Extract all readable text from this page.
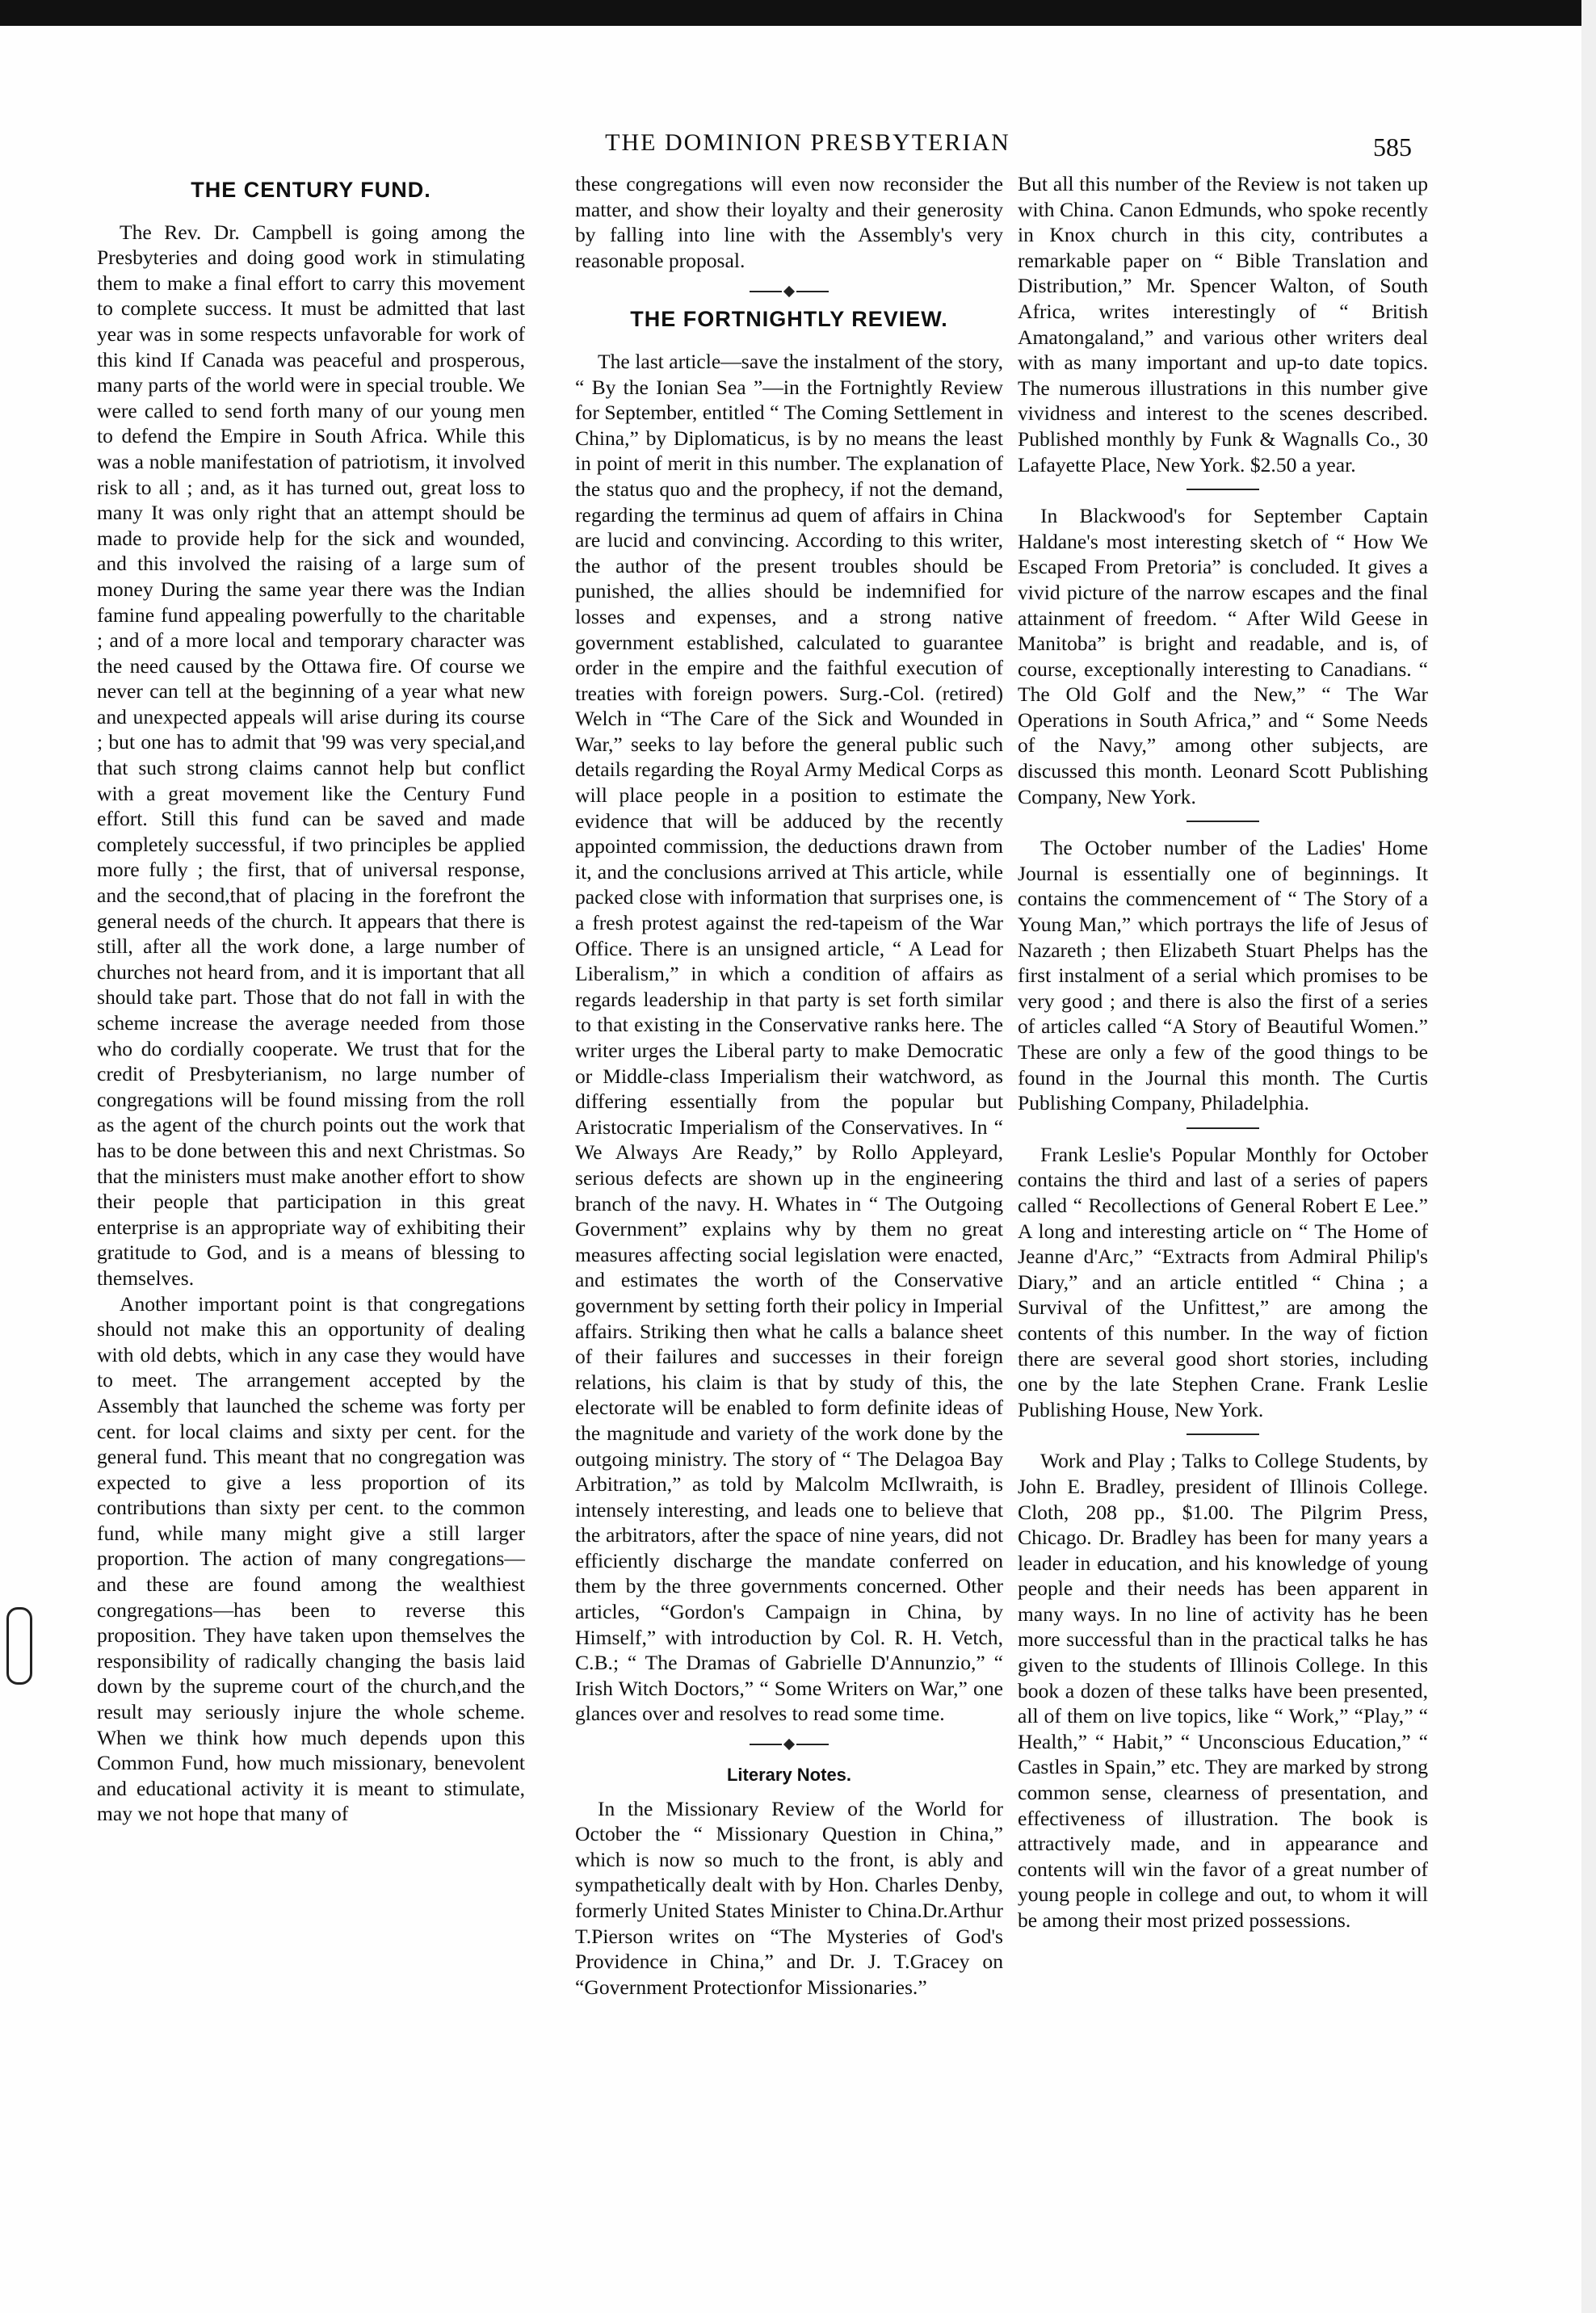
THE DOMINION PRESBYTERIAN	585
THE CENTURY FUND.

The Rev. Dr. Campbell is going among the Presbyteries and doing good work in stimulating them to make a final effort to carry this movement to complete success. It must be admitted that last year was in some respects unfavorable for work of this kind If Canada was peaceful and prosperous, many parts of the world were in special trouble. We were called to send forth many of our young men to defend the Empire in South Africa. While this was a noble manifestation of patriotism, it involved risk to all ; and, as it has turned out, great loss to many It was only right that an attempt should be made to provide help for the sick and wounded, and this involved the raising of a large sum of money During the same year there was the Indian famine fund appealing powerfully to the charitable ; and of a more local and temporary character was the need caused by the Ottawa fire. Of course we never can tell at the beginning of a year what new and unexpected appeals will arise during its course ; but one has to admit that '99 was very special,and that such strong claims cannot help but conflict with a great movement like the Century Fund effort. Still this fund can be saved and made completely successful, if two principles be applied more fully ; the first, that of universal response, and the second,that of placing in the forefront the general needs of the church. It appears that there is still, after all the work done, a large number of churches not heard from, and it is important that all should take part. Those that do not fall in with the scheme increase the average needed from those who do cordially cooperate. We trust that for the credit of Presbyterianism, no large number of congregations will be found missing from the roll as the agent of the church points out the work that has to be done between this and next Christmas. So that the ministers must make another effort to show their people that participation in this great enterprise is an appropriate way of exhibiting their gratitude to God, and is a means of blessing to themselves.

Another important point is that congregations should not make this an opportunity of dealing with old debts, which in any case they would have to meet. The arrangement accepted by the Assembly that launched the scheme was forty per cent. for local claims and sixty per cent. for the general fund. This meant that no congregation was expected to give a less proportion of its contributions than sixty per cent. to the common fund, while many might give a still larger proportion. The action of many congregations—and these are found among the wealthiest congregations—has been to reverse this proposition. They have taken upon themselves the responsibility of radically changing the basis laid down by the supreme court of the church,and the result may seriously injure the whole scheme. When we think how much depends upon this Common Fund, how much missionary, benevolent and educational activity it is meant to stimulate, may we not hope that many of

these congregations will even now reconsider the matter, and show their loyalty and their generosity by falling into line with the Assembly's very reasonable proposal.

THE FORTNIGHTLY REVIEW.

The last article—save the instalment of the story, “ By the Ionian Sea ”—in the Fortnightly Review for September, entitled “ The Coming Settlement in China,” by Diplomaticus, is by no means the least in point of merit in this number. The explanation of the status quo and the prophecy, if not the demand, regarding the terminus ad quem of affairs in China are lucid and convincing. According to this writer, the author of the present troubles should be punished, the allies should be indemnified for losses and expenses, and a strong native government established, calculated to guarantee order in the empire and the faithful execution of treaties with foreign powers. Surg.-Col. (retired) Welch in “The Care of the Sick and Wounded in War,” seeks to lay before the general public such details regarding the Royal Army Medical Corps as will place people in a position to estimate the evidence that will be adduced by the recently appointed commission, the deductions drawn from it, and the conclusions arrived at This article, while packed close with information that surprises one, is a fresh protest against the red-tapeism of the War Office. There is an unsigned article, “ A Lead for Liberalism,” in which a condition of affairs as regards leadership in that party is set forth similar to that existing in the Conservative ranks here. The writer urges the Liberal party to make Democratic or Middle-class Imperialism their watchword, as differing essentially from the popular but Aristocratic Imperialism of the Conservatives. In “ We Always Are Ready,” by Rollo Appleyard, serious defects are shown up in the engineering branch of the navy. H. Whates in “ The Outgoing Government” explains why by them no great measures affecting social legislation were enacted, and estimates the worth of the Conservative government by setting forth their policy in Imperial affairs. Striking then what he calls a balance sheet of their failures and successes in their foreign relations, his claim is that by study of this, the electorate will be enabled to form definite ideas of the magnitude and variety of the work done by the outgoing ministry. The story of “ The Delagoa Bay Arbitration,” as told by Malcolm McIlwraith, is intensely interesting, and leads one to believe that the arbitrators, after the space of nine years, did not efficiently discharge the mandate conferred on them by the three governments concerned. Other articles, “Gordon's Campaign in China, by Himself,” with introduction by Col. R. H. Vetch, C.B.; “ The Dramas of Gabrielle D'Annunzio,” “ Irish Witch Doctors,” “ Some Writers on War,” one glances over and resolves to read some time.

Literary Notes.

In the Missionary Review of the World for October the “ Missionary Question in China,” which is now so much to the front, is ably and sympathetically dealt with by Hon. Charles Denby, formerly United States Minister to China.Dr.Arthur T.Pierson writes on “The Mysteries of God's Providence in China,” and Dr. J. T.Gracey on “Government Protectionfor Missionaries.”

But all this number of the Review is not taken up with China. Canon Edmunds, who spoke recently in Knox church in this city, contributes a remarkable paper on “ Bible Translation and Distribution,” Mr. Spencer Walton, of South Africa, writes interestingly of “ British Amatongaland,” and various other writers deal with as many important and up-to date topics. The numerous illustrations in this number give vividness and interest to the scenes described. Published monthly by Funk & Wagnalls Co., 30 Lafayette Place, New York. $2.50 a year.

In Blackwood's for September Captain Haldane's most interesting sketch of “ How We Escaped From Pretoria” is concluded. It gives a vivid picture of the narrow escapes and the final attainment of freedom. “ After Wild Geese in Manitoba” is bright and readable, and is, of course, exceptionally interesting to Canadians. “ The Old Golf and the New,” “ The War Operations in South Africa,” and “ Some Needs of the Navy,” among other subjects, are discussed this month. Leonard Scott Publishing Company, New York.

The October number of the Ladies' Home Journal is essentially one of beginnings. It contains the commencement of “ The Story of a Young Man,” which portrays the life of Jesus of Nazareth ; then Elizabeth Stuart Phelps has the first instalment of a serial which promises to be very good ; and there is also the first of a series of articles called “A Story of Beautiful Women.” These are only a few of the good things to be found in the Journal this month. The Curtis Publishing Company, Philadelphia.

Frank Leslie's Popular Monthly for October contains the third and last of a series of papers called “ Recollections of General Robert E Lee.” A long and interesting article on “ The Home of Jeanne d'Arc,” “Extracts from Admiral Philip's Diary,” and an article entitled “ China ; a Survival of the Unfittest,” are among the contents of this number. In the way of fiction there are several good short stories, including one by the late Stephen Crane. Frank Leslie Publishing House, New York.

Work and Play ; Talks to College Students, by John E. Bradley, president of Illinois College. Cloth, 208 pp., $1.00. The Pilgrim Press, Chicago. Dr. Bradley has been for many years a leader in education, and his knowledge of young people and their needs has been apparent in many ways. In no line of activity has he been more successful than in the practical talks he has given to the students of Illinois College. In this book a dozen of these talks have been presented, all of them on live topics, like “ Work,” “Play,” “ Health,” “ Habit,” “ Unconscious Education,” “ Castles in Spain,” etc. They are marked by strong common sense, clearness of presentation, and effectiveness of illustration. The book is attractively made, and in appearance and contents will win the favor of a great number of young people in college and out, to whom it will be among their most prized possessions.
